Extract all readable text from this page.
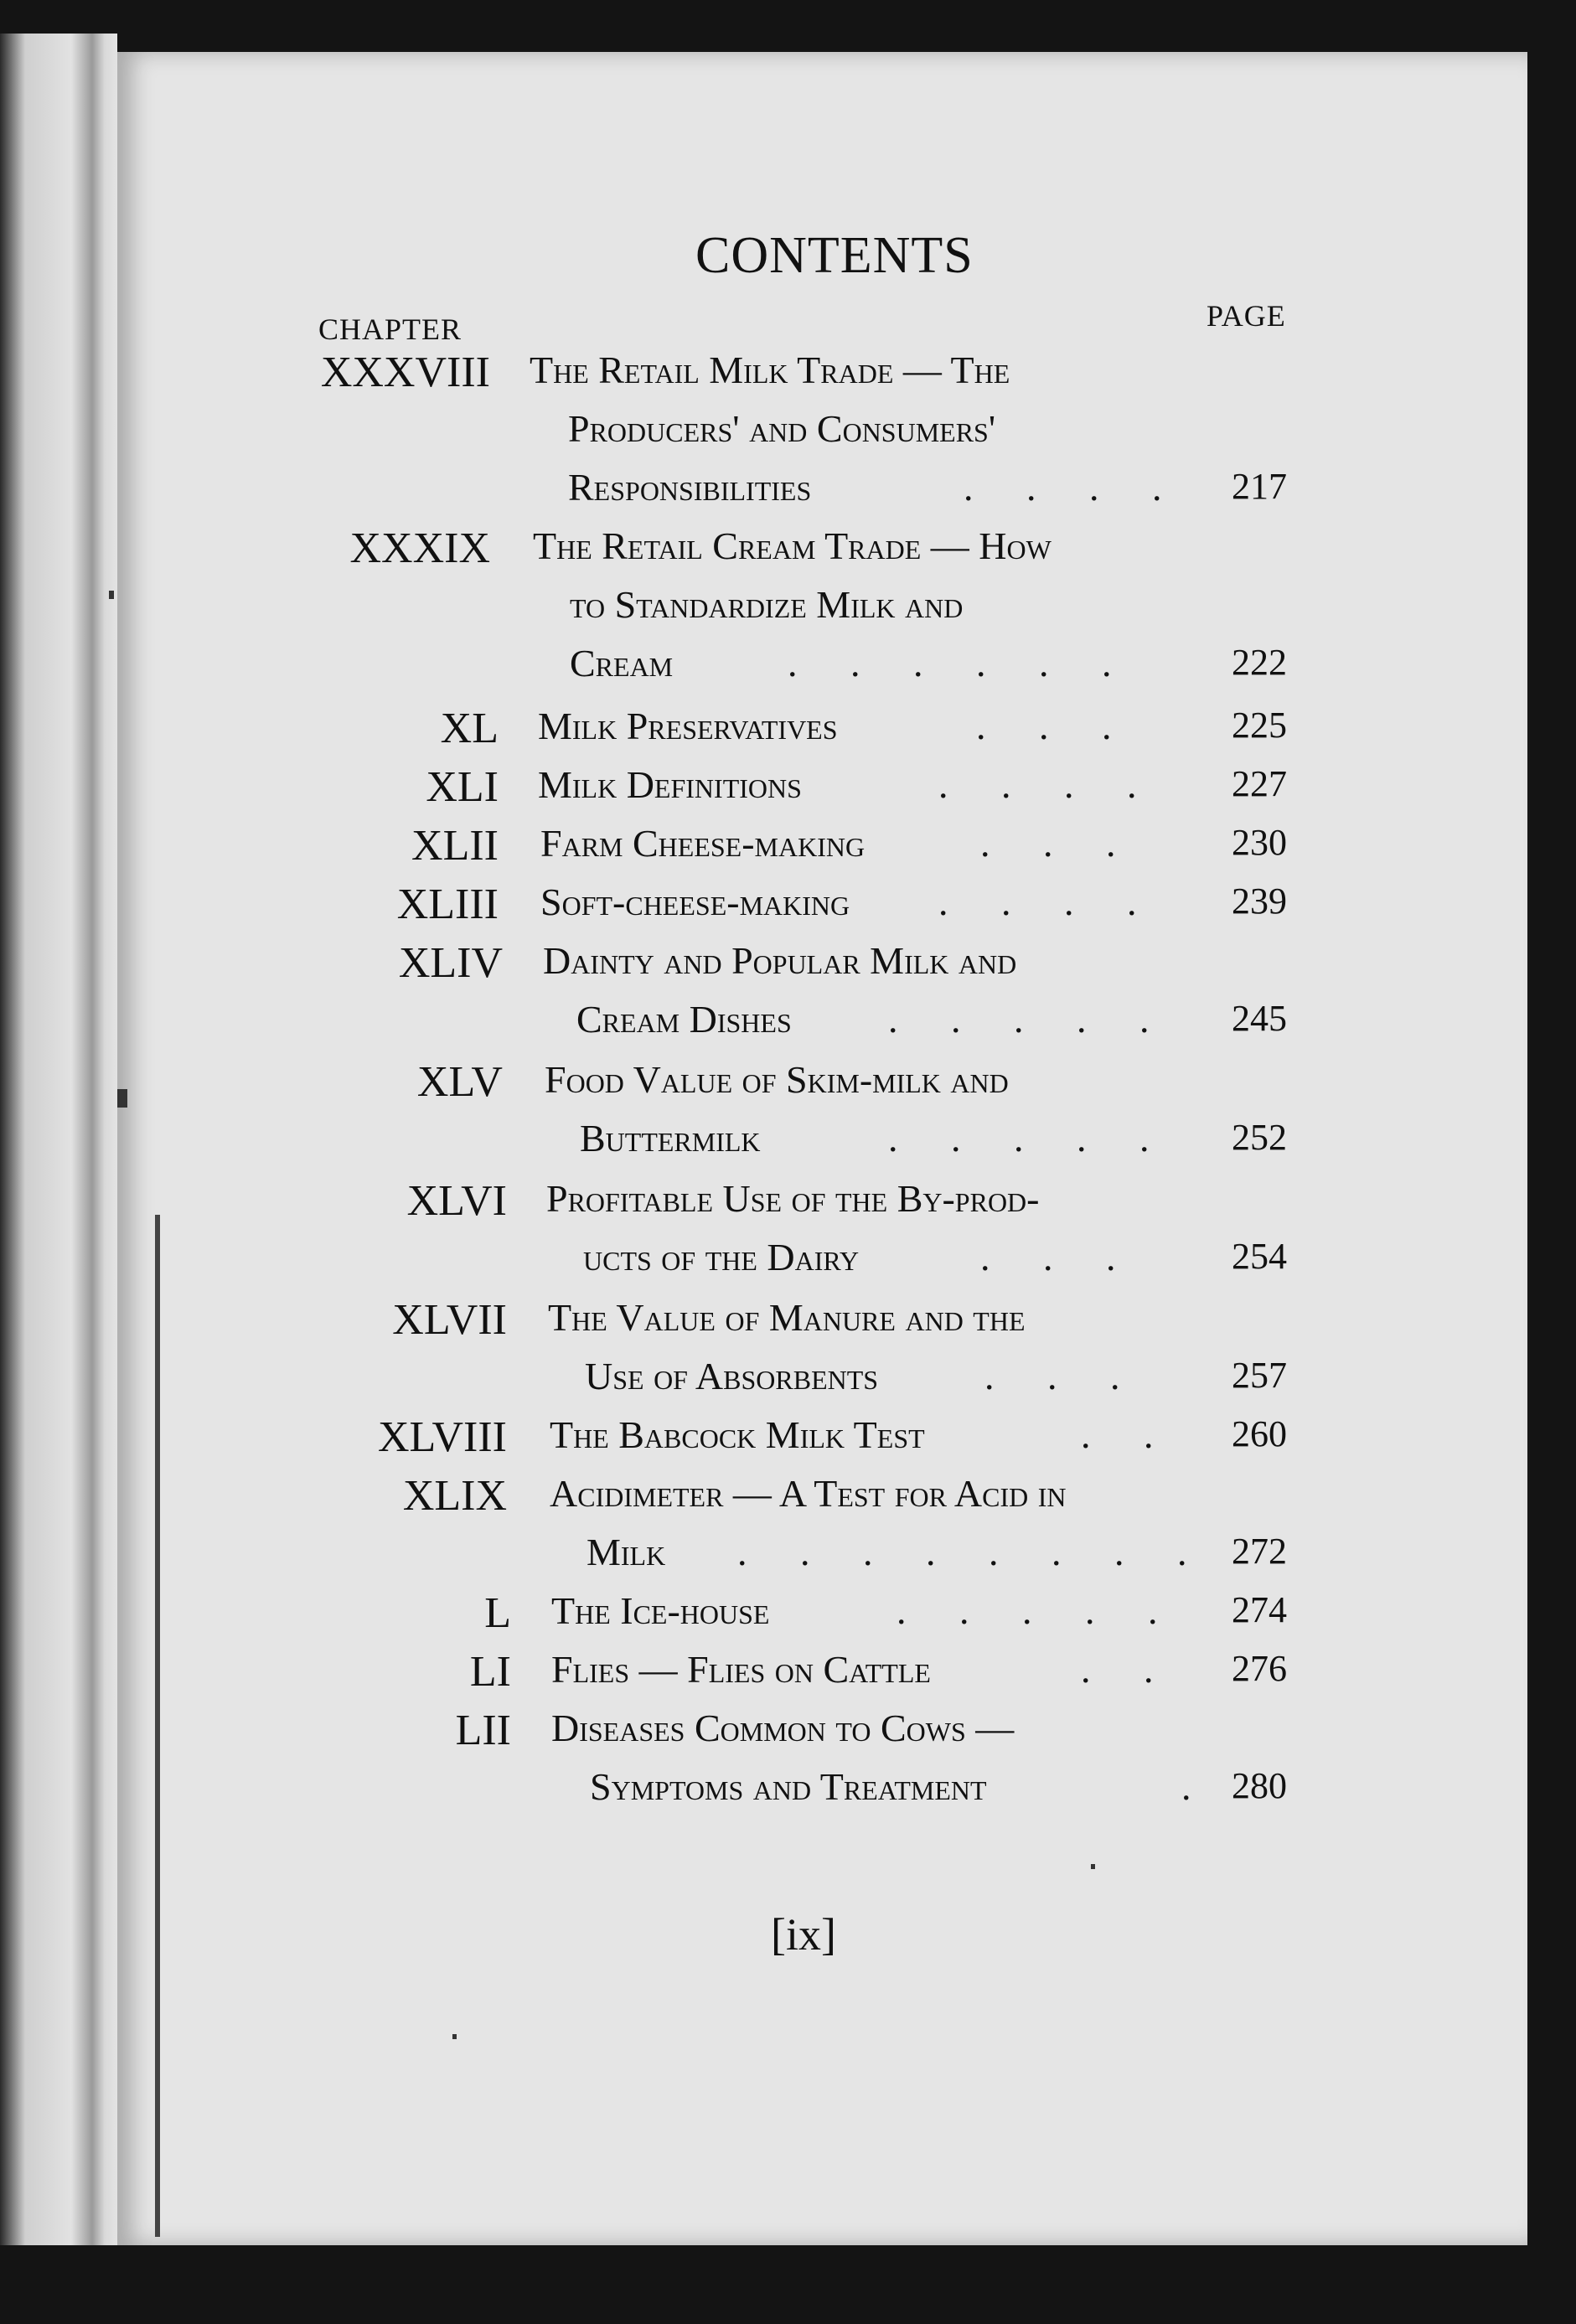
CONTENTS
CHAPTER	PAGE
XXXVIII The Retail Milk Trade — The
Producers' and Consumers'
Responsibilities	. . . . 217
XXXIX The Retail Cream Trade — How
to Standardize Milk and
Cream	. . . . . .	222
XL Milk Preservatives	. . .	225
XLI Milk Definitions	. . . . 227
XLII Farm Cheese-making	. . .	230
XLIII Soft-cheese-making . . . . 239
XLIV Dainty and Popular Milk and
Cream Dishes	. . . . . 245
XLV Food Value of Skim-milk and
Buttermilk	. . . . . 252
XLVI Profitable Use of the By-prod-
ucts of the Dairy	. . .	254
XLVII The Value of Manure and the
Use of Absorbents	. . . 257
XLVIII The Babcock Milk Test	. . 260
XLIX Acidimeter — A Test for Acid in
Milk . . . . . . . . 272
L The Ice-house	. . . . . 274
LI Flies — Flies on Cattle	. . 276
LII Diseases Common to Cows —
Symptoms and Treatment	. 280
[ix]
